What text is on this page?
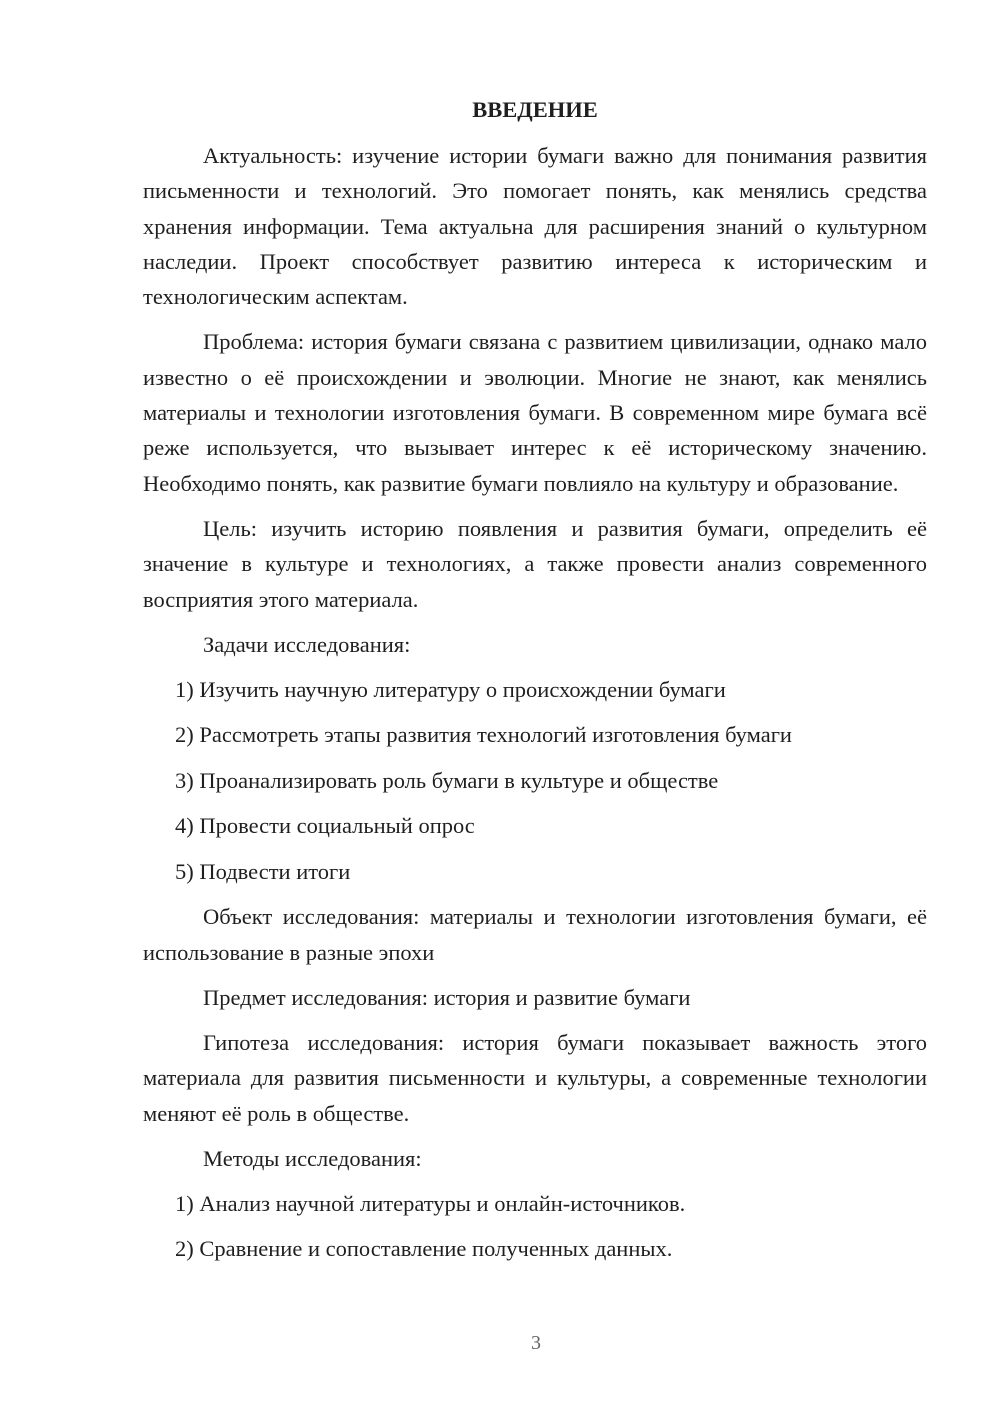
ВВЕДЕНИЕ

Актуальность: изучение истории бумаги важно для понимания развития письменности и технологий. Это помогает понять, как менялись средства хранения информации. Тема актуальна для расширения знаний о культурном наследии. Проект способствует развитию интереса к историческим и технологическим аспектам.

Проблема: история бумаги связана с развитием цивилизации, однако мало известно о её происхождении и эволюции. Многие не знают, как менялись материалы и технологии изготовления бумаги. В современном мире бумага всё реже используется, что вызывает интерес к её историческому значению. Необходимо понять, как развитие бумаги повлияло на культуру и образование.

Цель: изучить историю появления и развития бумаги, определить её значение в культуре и технологиях, а также провести анализ современного восприятия этого материала.

Задачи исследования:

1) Изучить научную литературу о происхождении бумаги
2) Рассмотреть этапы развития технологий изготовления бумаги
3) Проанализировать роль бумаги в культуре и обществе
4) Провести социальный опрос
5) Подвести итоги

Объект исследования: материалы и технологии изготовления бумаги, её использование в разные эпохи

Предмет исследования: история и развитие бумаги

Гипотеза исследования: история бумаги показывает важность этого материала для развития письменности и культуры, а современные технологии меняют её роль в обществе.

Методы исследования:

1) Анализ научной литературы и онлайн-источников.
2) Сравнение и сопоставление полученных данных.
3
